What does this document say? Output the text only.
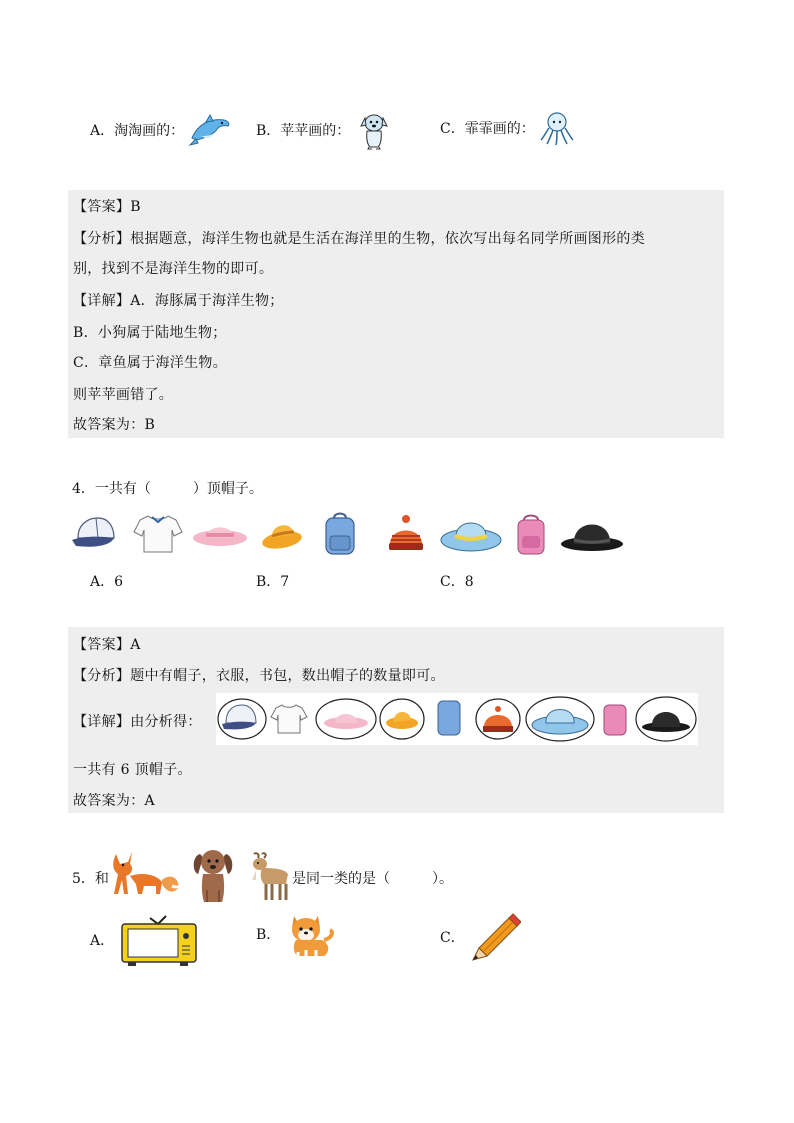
A．淘淘画的：	B．苹苹画的：	C．霏霏画的：
【答案】B
【分析】根据题意，海洋生物也就是生活在海洋里的生物，依次写出每名同学所画图形的类
别，找到不是海洋生物的即可。
【详解】A．海豚属于海洋生物；
B．小狗属于陆地生物；
C．章鱼属于海洋生物。
则苹苹画错了。
故答案为：B
4．一共有（　　　）顶帽子。
A．6	B．7	C．8
【答案】A
【分析】题中有帽子，衣服，书包，数出帽子的数量即可。
【详解】由分析得：
一共有 6 顶帽子。
故答案为：A
5．和	是同一类的是（　　　）。
A．	B．	C．
